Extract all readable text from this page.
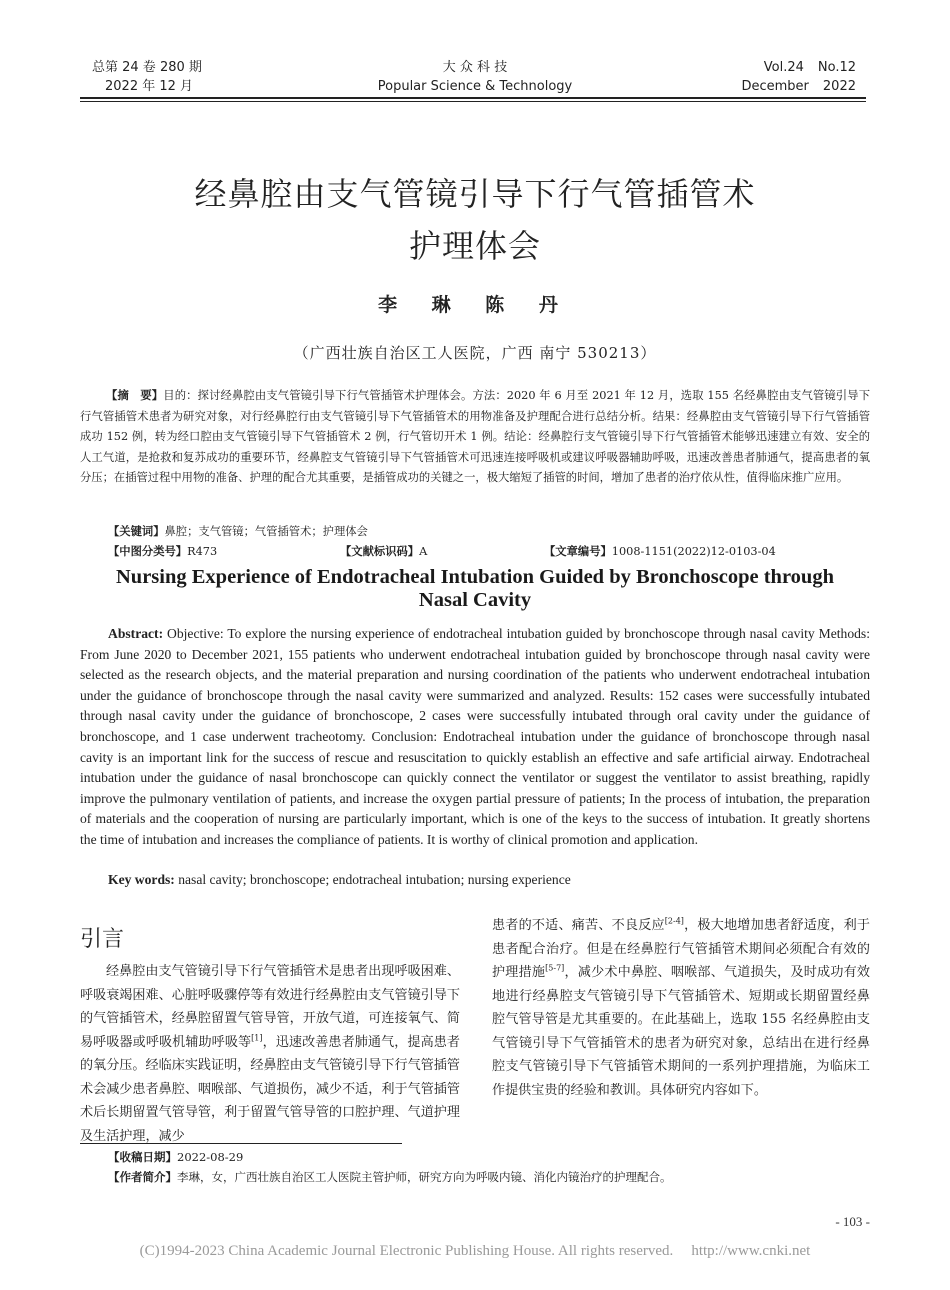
总第 24 卷 280 期
2022 年 12 月
大 众 科 技
Popular Science & Technology
Vol.24 No.12
December 2022
经鼻腔由支气管镜引导下行气管插管术
护理体会
李 琳 陈 丹
（广西壮族自治区工人医院，广西 南宁 530213）
【摘　要】目的：探讨经鼻腔由支气管镜引导下行气管插管术护理体会。方法：2020 年 6 月至 2021 年 12 月，选取 155 名经鼻腔由支气管镜引导下行气管插管术患者为研究对象，对行经鼻腔行由支气管镜引导下气管插管术的用物准备及护理配合进行总结分析。结果：经鼻腔由支气管镜引导下行气管插管成功 152 例，转为经口腔由支气管镜引导下气管插管术 2 例，行气管切开术 1 例。结论：经鼻腔行支气管镜引导下行气管插管术能够迅速建立有效、安全的人工气道，是抢救和复苏成功的重要环节，经鼻腔支气管镜引导下气管插管术可迅速连接呼吸机或建议呼吸器辅助呼吸，迅速改善患者肺通气，提高患者的氧分压；在插管过程中用物的准备、护理的配合尤其重要，是插管成功的关键之一，极大缩短了插管的时间，增加了患者的治疗依从性，值得临床推广应用。
【关键词】鼻腔；支气管镜；气管插管术；护理体会
【中图分类号】R473	【文献标识码】A	【文章编号】1008-1151(2022)12-0103-04
Nursing Experience of Endotracheal Intubation Guided by Bronchoscope through
Nasal Cavity
Abstract: Objective: To explore the nursing experience of endotracheal intubation guided by bronchoscope through nasal cavity Methods: From June 2020 to December 2021, 155 patients who underwent endotracheal intubation guided by bronchoscope through nasal cavity were selected as the research objects, and the material preparation and nursing coordination of the patients who underwent endotracheal intubation under the guidance of bronchoscope through the nasal cavity were summarized and analyzed. Results: 152 cases were successfully intubated through nasal cavity under the guidance of bronchoscope, 2 cases were successfully intubated through oral cavity under the guidance of bronchoscope, and 1 case underwent tracheotomy. Conclusion: Endotracheal intubation under the guidance of bronchoscope through nasal cavity is an important link for the success of rescue and resuscitation to quickly establish an effective and safe artificial airway. Endotracheal intubation under the guidance of nasal bronchoscope can quickly connect the ventilator or suggest the ventilator to assist breathing, rapidly improve the pulmonary ventilation of patients, and increase the oxygen partial pressure of patients; In the process of intubation, the preparation of materials and the cooperation of nursing are particularly important, which is one of the keys to the success of intubation. It greatly shortens the time of intubation and increases the compliance of patients. It is worthy of clinical promotion and application.
Key words: nasal cavity; bronchoscope; endotracheal intubation; nursing experience
引言
经鼻腔由支气管镜引导下行气管插管术是患者出现呼吸困难、呼吸衰竭困难、心脏呼吸骤停等有效进行经鼻腔由支气管镜引导下的气管插管术，经鼻腔留置气管导管，开放气道，可连接氧气、简易呼吸器或呼吸机辅助呼吸等[1]，迅速改善患者肺通气，提高患者的氧分压。经临床实践证明，经鼻腔由支气管镜引导下行气管插管术会减少患者鼻腔、咽喉部、气道损伤，减少不适，利于气管插管术后长期留置气管导管，利于留置气管导管的口腔护理、气道护理及生活护理，减少
患者的不适、痛苦、不良反应[2-4]，极大地增加患者舒适度，利于患者配合治疗。但是在经鼻腔行气管插管术期间必须配合有效的护理措施[5-7]，减少术中鼻腔、咽喉部、气道损失，及时成功有效地进行经鼻腔支气管镜引导下气管插管术、短期或长期留置经鼻腔气管导管是尤其重要的。在此基础上，选取 155 名经鼻腔由支气管镜引导下气管插管术的患者为研究对象，总结出在进行经鼻腔支气管镜引导下气管插管术期间的一系列护理措施，为临床工作提供宝贵的经验和教训。具体研究内容如下。
【收稿日期】2022-08-29
【作者简介】李琳，女，广西壮族自治区工人医院主管护师，研究方向为呼吸内镜、消化内镜治疗的护理配合。
- 103 -
(C)1994-2023 China Academic Journal Electronic Publishing House. All rights reserved. http://www.cnki.net
